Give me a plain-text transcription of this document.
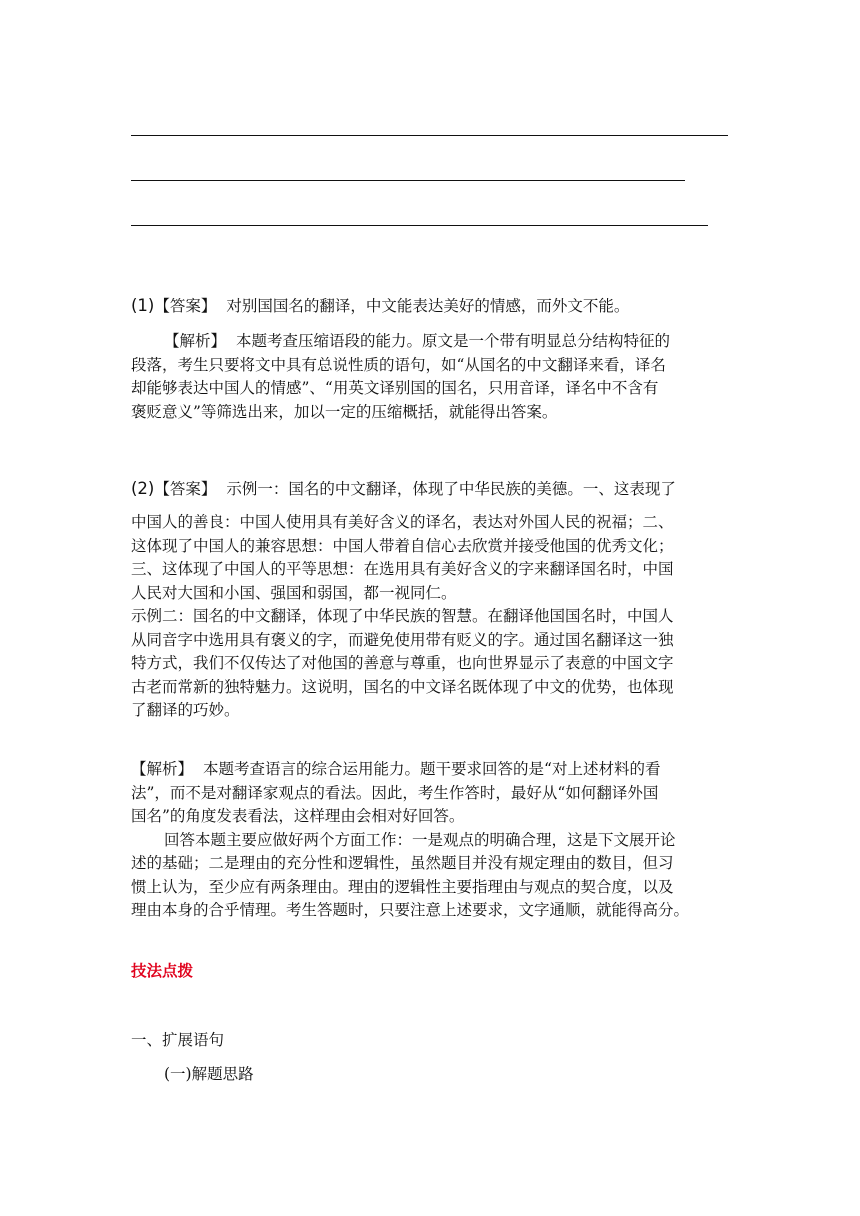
(1)【答案】 对别国国名的翻译，中文能表达美好的情感，而外文不能。

【解析】 本题考查压缩语段的能力。原文是一个带有明显总分结构特征的
段落，考生只要将文中具有总说性质的语句，如“从国名的中文翻译来看，译名
却能够表达中国人的情感”、“用英文译别国的国名，只用音译，译名中不含有
褒贬意义”等筛选出来，加以一定的压缩概括，就能得出答案。

(2)【答案】 示例一：国名的中文翻译，体现了中华民族的美德。一、这表现了

中国人的善良：中国人使用具有美好含义的译名，表达对外国人民的祝福；二、
这体现了中国人的兼容思想：中国人带着自信心去欣赏并接受他国的优秀文化；
三、这体现了中国人的平等思想：在选用具有美好含义的字来翻译国名时，中国
人民对大国和小国、强国和弱国，都一视同仁。
示例二：国名的中文翻译，体现了中华民族的智慧。在翻译他国国名时，中国人
从同音字中选用具有褒义的字，而避免使用带有贬义的字。通过国名翻译这一独
特方式，我们不仅传达了对他国的善意与尊重，也向世界显示了表意的中国文字
古老而常新的独特魅力。这说明，国名的中文译名既体现了中文的优势，也体现
了翻译的巧妙。

【解析】 本题考查语言的综合运用能力。题干要求回答的是“对上述材料的看
法”，而不是对翻译家观点的看法。因此，考生作答时，最好从“如何翻译外国
国名”的角度发表看法，这样理由会相对好回答。
回答本题主要应做好两个方面工作：一是观点的明确合理，这是下文展开论
述的基础；二是理由的充分性和逻辑性，虽然题目并没有规定理由的数目，但习
惯上认为，至少应有两条理由。理由的逻辑性主要指理由与观点的契合度，以及
理由本身的合乎情理。考生答题时，只要注意上述要求，文字通顺，就能得高分。

技法点拨

一、扩展语句

(一)解题思路
